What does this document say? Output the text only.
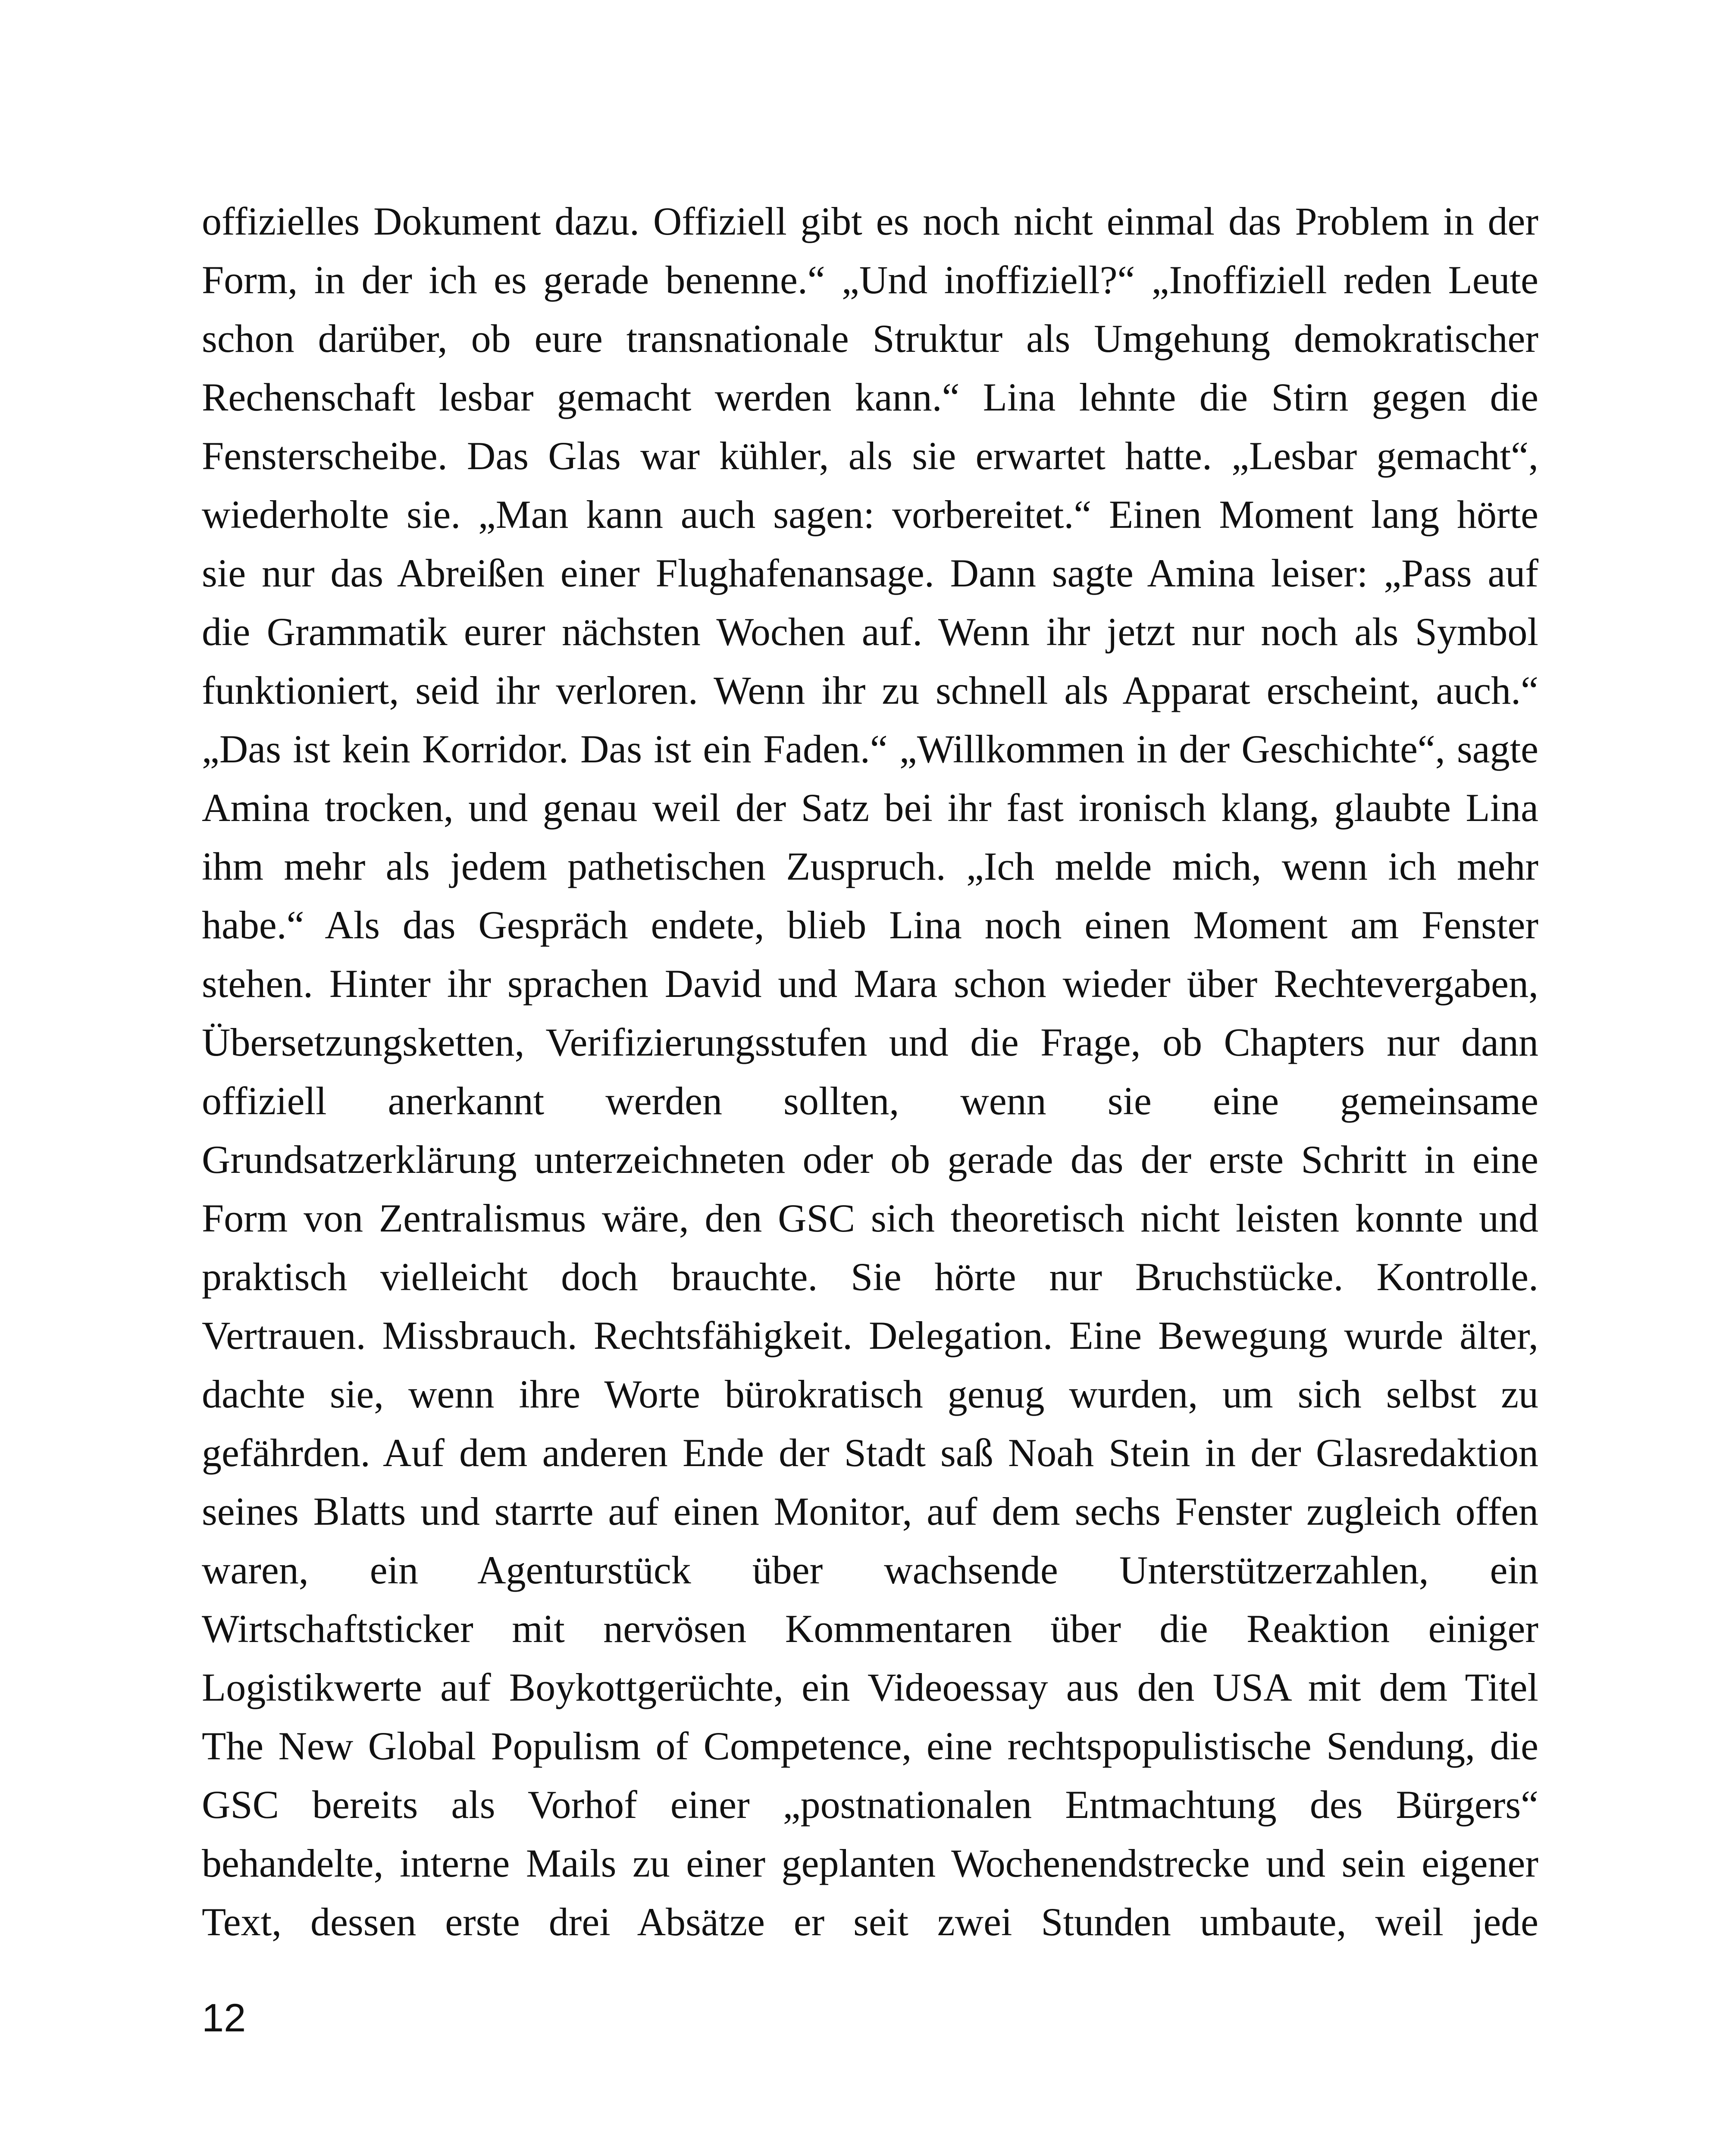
offizielles Dokument dazu. Offiziell gibt es noch nicht einmal das Problem in der
Form, in der ich es gerade benenne.“ „Und inoffiziell?“ „Inoffiziell reden Leute
schon darüber, ob eure transnationale Struktur als Umgehung demokratischer
Rechenschaft lesbar gemacht werden kann.“ Lina lehnte die Stirn gegen die
Fensterscheibe. Das Glas war kühler, als sie erwartet hatte. „Lesbar gemacht“,
wiederholte sie. „Man kann auch sagen: vorbereitet.“ Einen Moment lang hörte
sie nur das Abreißen einer Flughafenansage. Dann sagte Amina leiser: „Pass auf
die Grammatik eurer nächsten Wochen auf. Wenn ihr jetzt nur noch als Symbol
funktioniert, seid ihr verloren. Wenn ihr zu schnell als Apparat erscheint, auch.“
„Das ist kein Korridor. Das ist ein Faden.“ „Willkommen in der Geschichte“, sagte
Amina trocken, und genau weil der Satz bei ihr fast ironisch klang, glaubte Lina
ihm mehr als jedem pathetischen Zuspruch. „Ich melde mich, wenn ich mehr
habe.“ Als das Gespräch endete, blieb Lina noch einen Moment am Fenster
stehen. Hinter ihr sprachen David und Mara schon wieder über Rechtevergaben,
Übersetzungsketten, Verifizierungsstufen und die Frage, ob Chapters nur dann
offiziell anerkannt werden sollten, wenn sie eine gemeinsame
Grundsatzerklärung unterzeichneten oder ob gerade das der erste Schritt in eine
Form von Zentralismus wäre, den GSC sich theoretisch nicht leisten konnte und
praktisch vielleicht doch brauchte. Sie hörte nur Bruchstücke. Kontrolle.
Vertrauen. Missbrauch. Rechtsfähigkeit. Delegation. Eine Bewegung wurde älter,
dachte sie, wenn ihre Worte bürokratisch genug wurden, um sich selbst zu
gefährden. Auf dem anderen Ende der Stadt saß Noah Stein in der Glasredaktion
seines Blatts und starrte auf einen Monitor, auf dem sechs Fenster zugleich offen
waren, ein Agenturstück über wachsende Unterstützerzahlen, ein
Wirtschaftsticker mit nervösen Kommentaren über die Reaktion einiger
Logistikwerte auf Boykottgerüchte, ein Videoessay aus den USA mit dem Titel
The New Global Populism of Competence, eine rechtspopulistische Sendung, die
GSC bereits als Vorhof einer „postnationalen Entmachtung des Bürgers“
behandelte, interne Mails zu einer geplanten Wochenendstrecke und sein eigener
Text, dessen erste drei Absätze er seit zwei Stunden umbaute, weil jede
12
